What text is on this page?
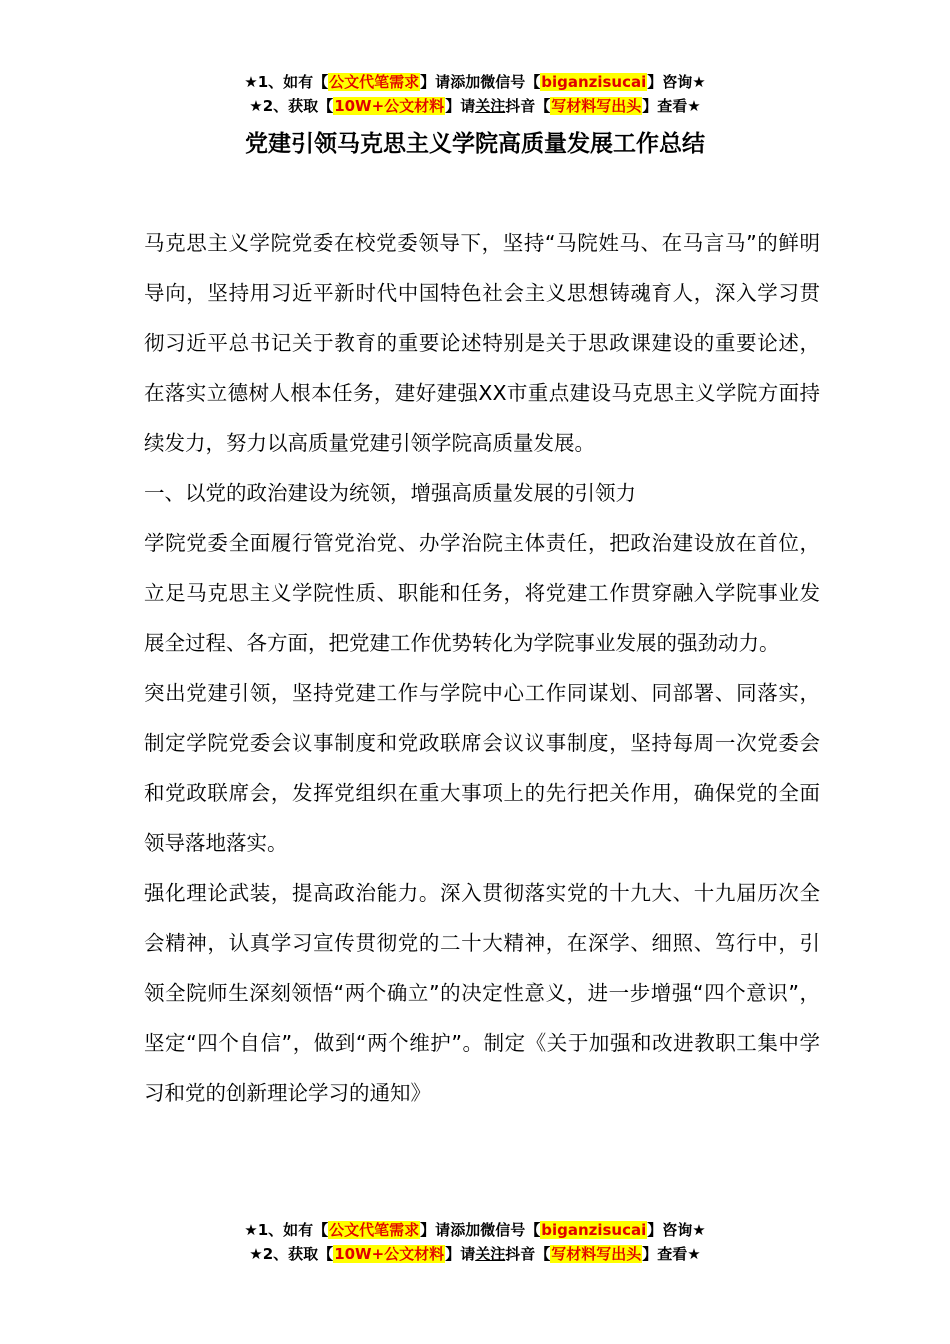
★1、如有【公文代笔需求】请添加微信号【biganzisucai】咨询★
★2、获取【10W+公文材料】请关注抖音【写材料写出头】查看★
党建引领马克思主义学院高质量发展工作总结

马克思主义学院党委在校党委领导下，坚持“马院姓马、在马言马”的鲜明导向，坚持用习近平新时代中国特色社会主义思想铸魂育人，深入学习贯彻习近平总书记关于教育的重要论述特别是关于思政课建设的重要论述，在落实立德树人根本任务，建好建强XX市重点建设马克思主义学院方面持续发力，努力以高质量党建引领学院高质量发展。

一、以党的政治建设为统领，增强高质量发展的引领力

学院党委全面履行管党治党、办学治院主体责任，把政治建设放在首位，立足马克思主义学院性质、职能和任务，将党建工作贯穿融入学院事业发展全过程、各方面，把党建工作优势转化为学院事业发展的强劲动力。

突出党建引领，坚持党建工作与学院中心工作同谋划、同部署、同落实，制定学院党委会议事制度和党政联席会议议事制度，坚持每周一次党委会和党政联席会，发挥党组织在重大事项上的先行把关作用，确保党的全面领导落地落实。

强化理论武装，提高政治能力。深入贯彻落实党的十九大、十九届历次全会精神，认真学习宣传贯彻党的二十大精神，在深学、细照、笃行中，引领全院师生深刻领悟“两个确立”的决定性意义，进一步增强“四个意识”，坚定“四个自信”，做到“两个维护”。制定《关于加强和改进教职工集中学习和党的创新理论学习的通知》

★1、如有【公文代笔需求】请添加微信号【biganzisucai】咨询★
★2、获取【10W+公文材料】请关注抖音【写材料写出头】查看★
